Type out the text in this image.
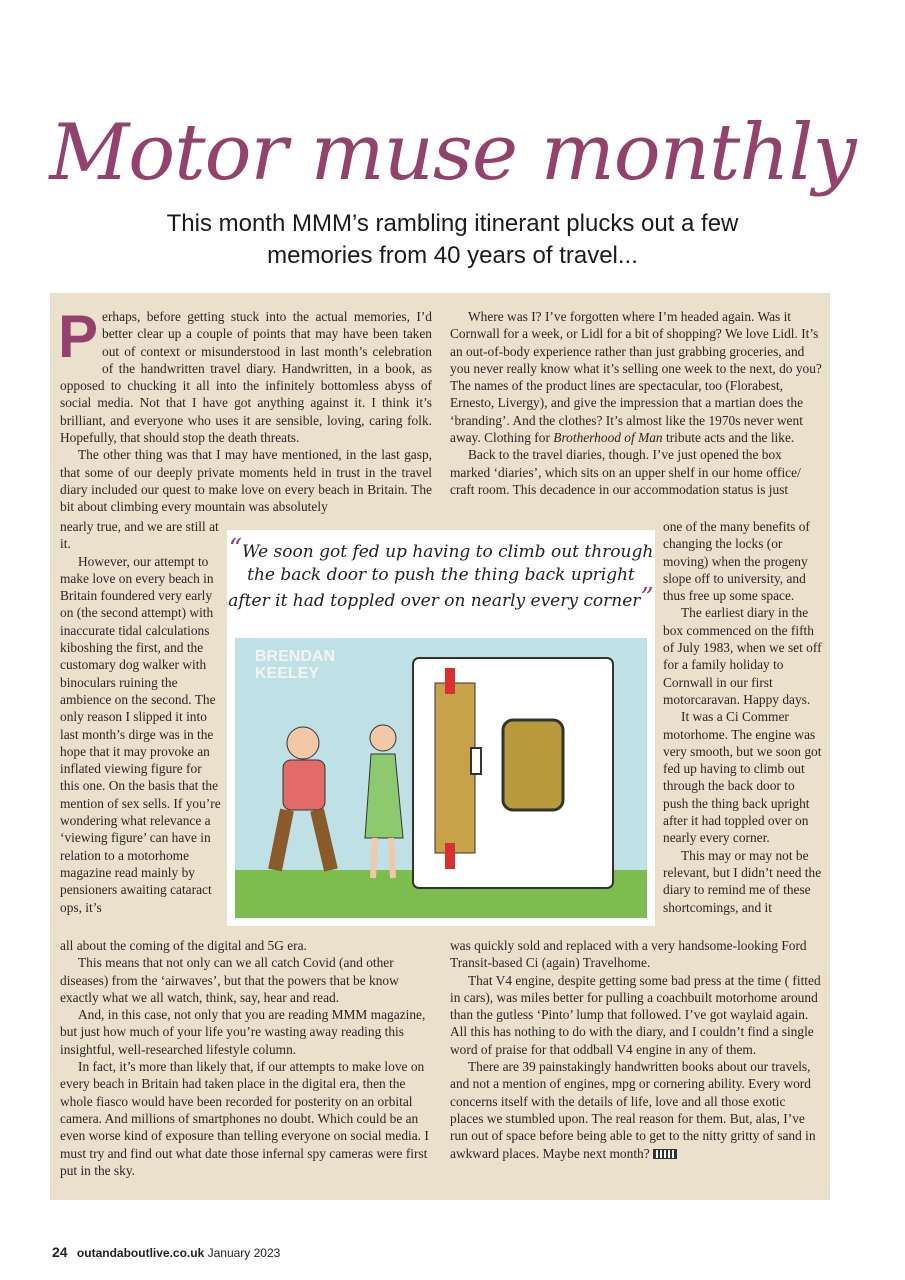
Motor muse monthly
This month MMM’s rambling itinerant plucks out a few memories from 40 years of travel...

Perhaps, before getting stuck into the actual memories, I’d better clear up a couple of points that may have been taken out of context or misunderstood in last month’s celebration of the handwritten travel diary. Handwritten, in a book, as opposed to chucking it all into the infinitely bottomless abyss of social media. Not that I have got anything against it. I think it’s brilliant, and everyone who uses it are sensible, loving, caring folk. Hopefully, that should stop the death threats.

The other thing was that I may have mentioned, in the last gasp, that some of our deeply private moments held in trust in the travel diary included our quest to make love on every beach in Britain. The bit about climbing every mountain was absolutely

nearly true, and we are still at it.

However, our attempt to make love on every beach in Britain foundered very early on (the second attempt) with inaccurate tidal calculations kiboshing the first, and the customary dog walker with binoculars ruining the ambience on the second. The only reason I slipped it into last month’s dirge was in the hope that it may provoke an inflated viewing figure for this one. On the basis that the mention of sex sells. If you’re wondering what relevance a ‘viewing figure’ can have in relation to a motorhome magazine read mainly by pensioners awaiting cataract ops, it’s

all about the coming of the digital and 5G era.

This means that not only can we all catch Covid (and other diseases) from the ‘airwaves’, but that the powers that be know exactly what we all watch, think, say, hear and read.

And, in this case, not only that you are reading MMM magazine, but just how much of your life you’re wasting away reading this insightful, well-researched lifestyle column.

In fact, it’s more than likely that, if our attempts to make love on every beach in Britain had taken place in the digital era, then the whole fiasco would have been recorded for posterity on an orbital camera. And millions of smartphones no doubt. Which could be an even worse kind of exposure than telling everyone on social media. I must try and find out what date those infernal spy cameras were first put in the sky.

Where was I? I’ve forgotten where I’m headed again. Was it Cornwall for a week, or Lidl for a bit of shopping? We love Lidl. It’s an out-of-body experience rather than just grabbing groceries, and you never really know what it’s selling one week to the next, do you? The names of the product lines are spectacular, too (Florabest, Ernesto, Livergy), and give the impression that a martian does the ‘branding’. And the clothes? It’s almost like the 1970s never went away. Clothing for Brotherhood of Man tribute acts and the like.

Back to the travel diaries, though. I’ve just opened the box marked ‘diaries’, which sits on an upper shelf in our home office/ craft room. This decadence in our accommodation status is just

one of the many benefits of changing the locks (or moving) when the progeny slope off to university, and thus free up some space.

The earliest diary in the box commenced on the fifth of July 1983, when we set off for a family holiday to Cornwall in our first motorcaravan. Happy days.

It was a Ci Commer motorhome. The engine was very smooth, but we soon got fed up having to climb out through the back door to push the thing back upright after it had toppled over on nearly every corner.

This may or may not be relevant, but I didn’t need the diary to remind me of these shortcomings, and it

was quickly sold and replaced with a very handsome-looking Ford Transit-based Ci (again) Travelhome.

That V4 engine, despite getting some bad press at the time ( fitted in cars), was miles better for pulling a coachbuilt motorhome around than the gutless ‘Pinto’ lump that followed. I’ve got waylaid again. All this has nothing to do with the diary, and I couldn’t find a single word of praise for that oddball V4 engine in any of them.

There are 39 painstakingly handwritten books about our travels, and not a mention of engines, mpg or cornering ability. Every word concerns itself with the details of life, love and all those exotic places we stumbled upon. The real reason for them. But, alas, I’ve run out of space before being able to get to the nitty gritty of sand in awkward places. Maybe next month?

“We soon got fed up having to climb out through the back door to push the thing back upright after it had toppled over on nearly every corner”
BRENDAN
KEELEY
24 outandaboutlive.co.uk January 2023
